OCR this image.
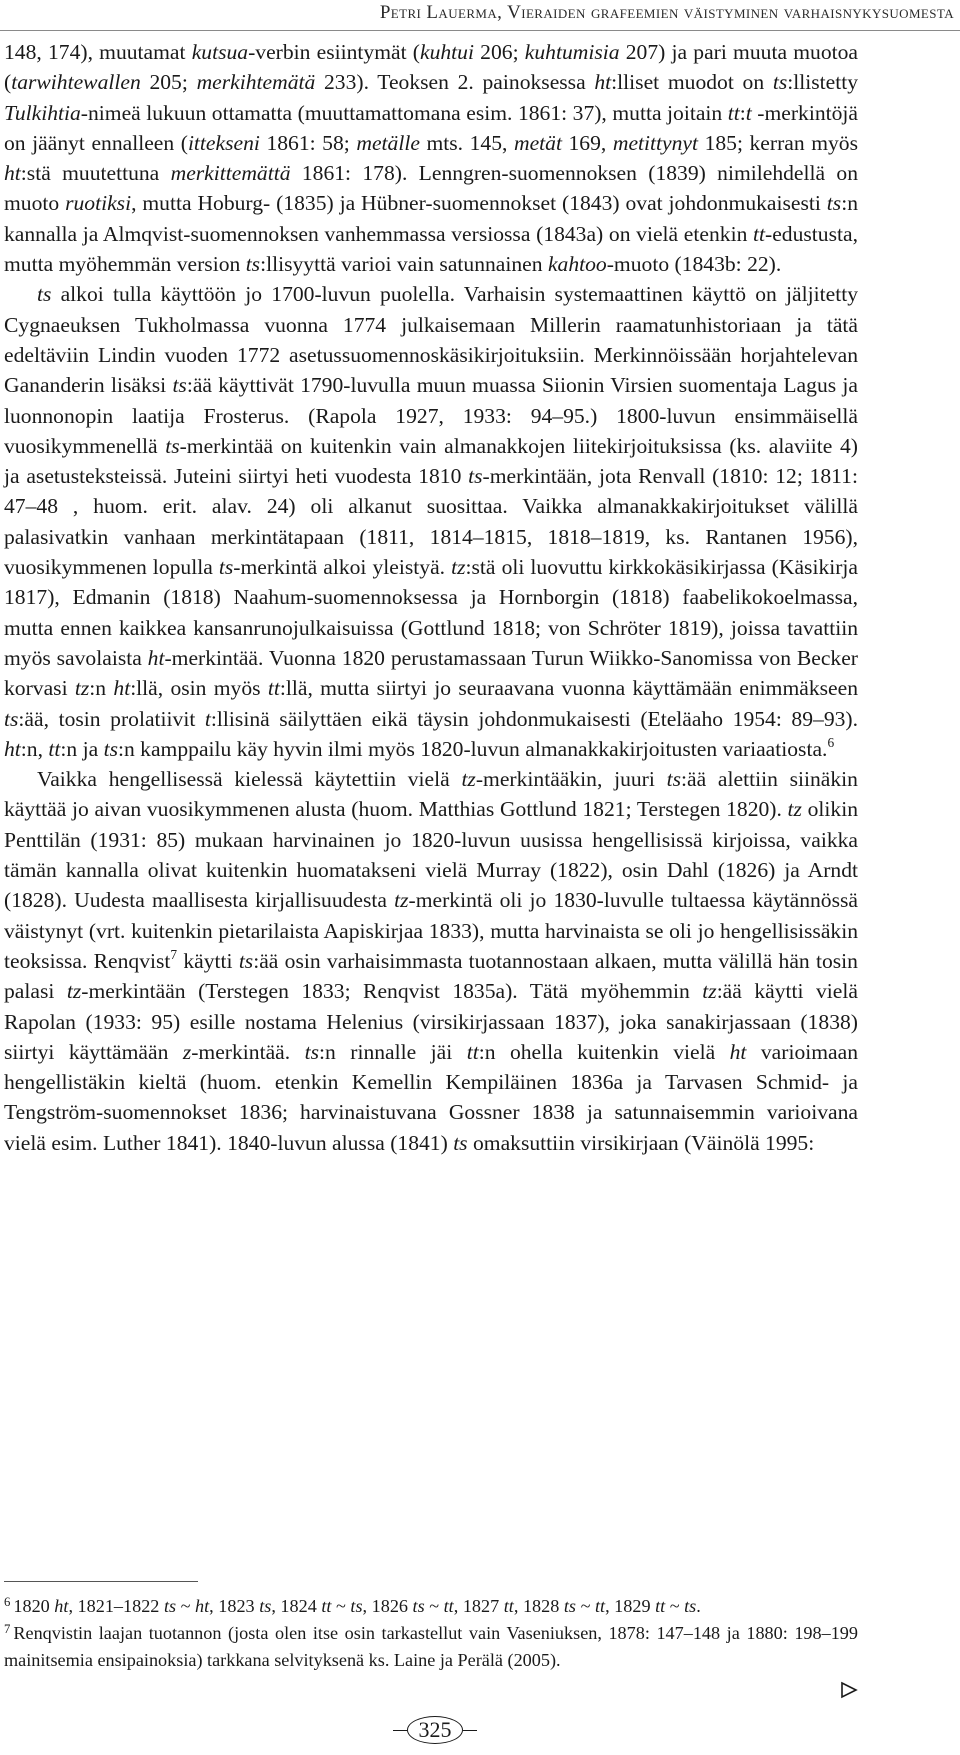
Petri Lauerma, Vieraiden grafeemien väistyminen varhaisnykysuomesta

148, 174), muutamat kutsua-verbin esiintymät (kuhtui 206; kuhtumisia 207) ja pari muuta muotoa (tarwihtewallen 205; merkihtemätä 233). Teoksen 2. painoksessa ht:lliset muodot on ts:llistetty Tulkihtia-nimeä lukuun ottamatta (muuttamattomana esim. 1861: 37), mutta joitain tt:t -merkintöjä on jäänyt ennalleen (ittekseni 1861: 58; metälle mts. 145, metät 169, metittynyt 185; kerran myös ht:stä muutettuna merkittemättä 1861: 178). Lenngren-suomennoksen (1839) nimilehdellä on muoto ruotiksi, mutta Hoburg- (1835) ja Hübner-suomennokset (1843) ovat johdonmukaisesti ts:n kannalla ja Almqvist-suomennoksen vanhemmassa versiossa (1843a) on vielä etenkin tt-edustusta, mutta myöhemmän version ts:llisyyttä varioi vain satunnainen kahtoo-muoto (1843b: 22).

ts alkoi tulla käyttöön jo 1700-luvun puolella. Varhaisin systemaattinen käyttö on jäljitetty Cygnaeuksen Tukholmassa vuonna 1774 julkaisemaan Millerin raamatunhistoriaan ja tätä edeltäviin Lindin vuoden 1772 asetussuomennoskäsikirjoituksiin. Merkinnöissään horjahtelevan Gananderin lisäksi ts:ää käyttivät 1790-luvulla muun muassa Siionin Virsien suomentaja Lagus ja luonnonopin laatija Frosterus. (Rapola 1927, 1933: 94–95.) 1800-luvun ensimmäisellä vuosikymmenellä ts-merkintää on kuitenkin vain almanakkojen liitekirjoituksissa (ks. alaviite 4) ja asetusteksteissä. Juteini siirtyi heti vuodesta 1810 ts-merkintään, jota Renvall (1810: 12; 1811: 47–48 , huom. erit. alav. 24) oli alkanut suosittaa. Vaikka almanakkakirjoitukset välillä palasivatkin vanhaan merkintätapaan (1811, 1814–1815, 1818–1819, ks. Rantanen 1956), vuosikymmenen lopulla ts-merkintä alkoi yleistyä. tz:stä oli luovuttu kirkkokäsikirjassa (Käsikirja 1817), Edmanin (1818) Naahum-suomennoksessa ja Hornborgin (1818) faabelikokoelmassa, mutta ennen kaikkea kansanrunojulkaisuissa (Gottlund 1818; von Schröter 1819), joissa tavattiin myös savolaista ht-merkintää. Vuonna 1820 perustamassaan Turun Wiikko-Sanomissa von Becker korvasi tz:n ht:llä, osin myös tt:llä, mutta siirtyi jo seuraavana vuonna käyttämään enimmäkseen ts:ää, tosin prolatiivit t:llisinä säilyttäen eikä täysin johdonmukaisesti (Eteläaho 1954: 89–93). ht:n, tt:n ja ts:n kamppailu käy hyvin ilmi myös 1820-luvun almanakkakirjoitusten variaatiosta.$^6$

Vaikka hengellisessä kielessä käytettiin vielä tz-merkintääkin, juuri ts:ää alettiin siinäkin käyttää jo aivan vuosikymmenen alusta (huom. Matthias Gottlund 1821; Terstegen 1820). tz olikin Penttilän (1931: 85) mukaan harvinainen jo 1820-luvun uusissa hengellisissä kirjoissa, vaikka tämän kannalla olivat kuitenkin huomatakseni vielä Murray (1822), osin Dahl (1826) ja Arndt (1828). Uudesta maallisesta kirjallisuudesta tz-merkintä oli jo 1830-luvulle tultaessa käytännössä väistynyt (vrt. kuitenkin pietarilaista Aapiskirjaa 1833), mutta harvinaista se oli jo hengellisissäkin teoksissa. Renqvist$^7$ käytti ts:ää osin varhaisimmasta tuotannostaan alkaen, mutta välillä hän tosin palasi tz-merkintään (Terstegen 1833; Renqvist 1835a). Tätä myöhemmin tz:ää käytti vielä Rapolan (1933: 95) esille nostama Helenius (virsikirjassaan 1837), joka sanakirjassaan (1838) siirtyi käyttämään z-merkintää. ts:n rinnalle jäi tt:n ohella kuitenkin vielä ht varioimaan hengellistäkin kieltä (huom. etenkin Kemellin Kempiläinen 1836a ja Tarvasen Schmid- ja Tengström-suomennokset 1836; harvinaistuvana Gossner 1838 ja satunnaisemmin varioivana vielä esim. Luther 1841). 1840-luvun alussa (1841) ts omaksuttiin virsikirjaan (Väinölä 1995:

$^6$ 1820 ht, 1821–1822 ts ~ ht, 1823 ts, 1824 tt ~ ts, 1826 ts ~ tt, 1827 tt, 1828 ts ~ tt, 1829 tt ~ ts.

$^7$ Renqvistin laajan tuotannon (josta olen itse osin tarkastellut vain Vaseniuksen, 1878: 147–148 ja 1880: 198–199 mainitsemia ensipainoksia) tarkkana selvityksenä ks. Laine ja Perälä (2005).

325
